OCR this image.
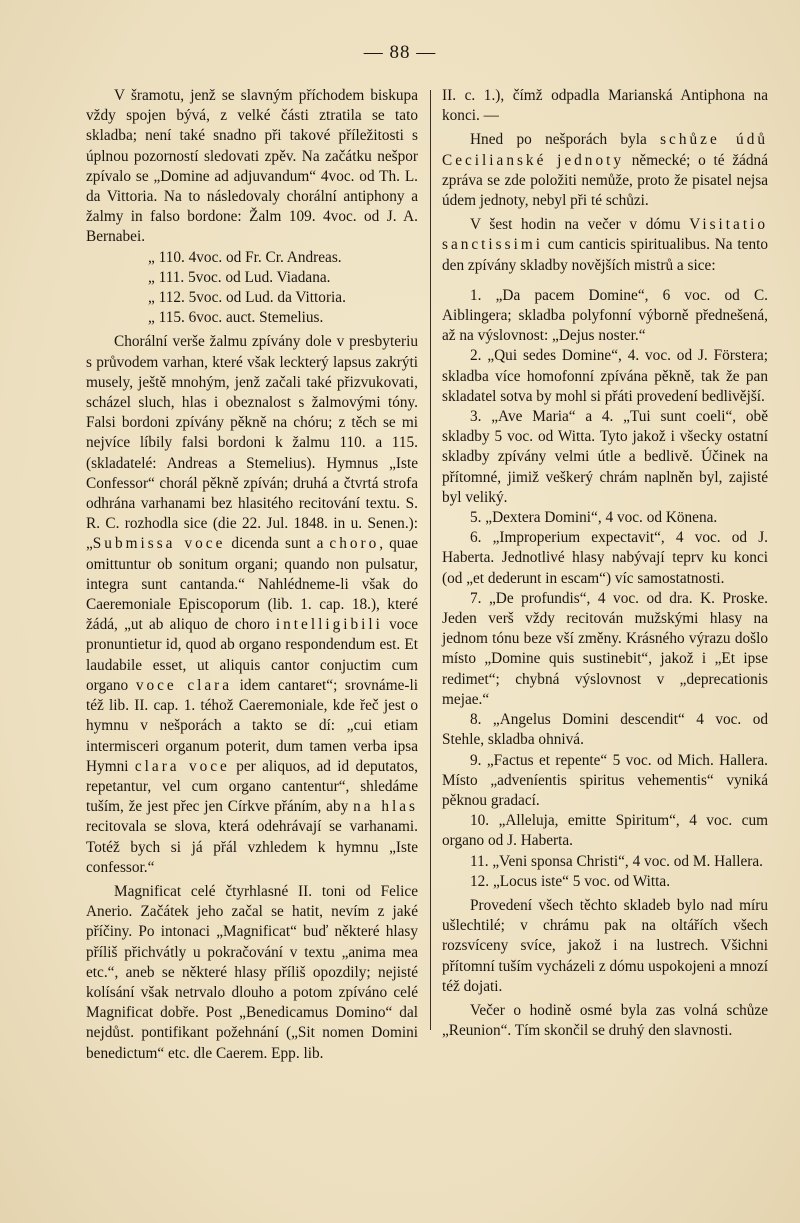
— 88 —

V šramotu, jenž se slavným příchodem biskupa vždy spojen bývá, z velké části ztratila se tato skladba; není také snadno při takové příležitosti s úplnou pozorností sledovati zpěv. Na začátku nešpor zpívalo se „Domine ad adjuvandum“ 4voc. od Th. L. da Vittoria. Na to následovaly chorální antiphony a žalmy in falso bordone: Žalm 109. 4voc. od J. A. Bernabei.

„ 110. 4voc. od Fr. Cr. Andreas.

„ 111. 5voc. od Lud. Viadana.

„ 112. 5voc. od Lud. da Vittoria.

„ 115. 6voc. auct. Stemelius.

Chorální verše žalmu zpívány dole v presbyteriu s průvodem varhan, které však leckterý lapsus zakrýti musely, ještě mnohým, jenž začali také přizvukovati, scházel sluch, hlas i obeznalost s žalmovými tóny. Falsi bordoni zpívány pěkně na chóru; z těch se mi nejvíce líbily falsi bordoni k žalmu 110. a 115. (skladatelé: Andreas a Stemelius). Hymnus „Iste Confessor“ chorál pěkně zpíván; druhá a čtvrtá strofa odhrána varhanami bez hlasitého recitování textu. S. R. C. rozhodla sice (die 22. Jul. 1848. in u. Senen.): „Submissa voce dicenda sunt a choro, quae omittuntur ob sonitum organi; quando non pulsatur, integra sunt cantanda.“ Nahlédneme-li však do Caeremoniale Episcoporum (lib. 1. cap. 18.), které žádá, „ut ab aliquo de choro intelligibili voce pronuntietur id, quod ab organo respondendum est. Et laudabile esset, ut aliquis cantor conjuctim cum organo voce clara idem cantaret“; srovnáme-li též lib. II. cap. 1. téhož Caeremoniale, kde řeč jest o hymnu v nešporách a takto se dí: „cui etiam intermisceri organum poterit, dum tamen verba ipsa Hymni clara voce per aliquos, ad id deputatos, repetantur, vel cum organo cantentur“, shledáme tuším, že jest přec jen Církve přáním, aby na hlas recitovala se slova, která odehrávají se varhanami. Totéž bych si já přál vzhledem k hymnu „Iste confessor.“

Magnificat celé čtyrhlasné II. toni od Felice Anerio. Začátek jeho začal se hatit, nevím z jaké příčiny. Po intonaci „Magnificat“ buď některé hlasy příliš přichvátly u pokračování v textu „anima mea etc.“, aneb se některé hlasy příliš opozdily; nejisté kolísání však netrvalo dlouho a potom zpíváno celé Magnificat dobře. Post „Benedicamus Domino“ dal nejdůst. pontifikant požehnání („Sit nomen Domini benedictum“ etc. dle Caerem. Epp. lib.

II. c. 1.), čímž odpadla Marianská Antiphona na konci. —

Hned po nešporách byla schůze údů Cecilianské jednoty německé; o té žádná zpráva se zde položiti nemůže, proto že pisatel nejsa údem jednoty, nebyl při té schůzi.

V šest hodin na večer v dómu Visitatio sanctissimi cum canticis spiritualibus. Na tento den zpívány skladby novějších mistrů a sice:

1. „Da pacem Domine“, 6 voc. od C. Aiblingera; skladba polyfonní výborně přednešená, až na výslovnost: „Dejus noster.“

2. „Qui sedes Domine“, 4. voc. od J. Förstera; skladba více homofonní zpívána pěkně, tak že pan skladatel sotva by mohl si přáti provedení bedlivější.

3. „Ave Maria“ a 4. „Tui sunt coeli“, obě skladby 5 voc. od Witta. Tyto jakož i všecky ostatní skladby zpívány velmi útle a bedlivě. Účinek na přítomné, jimiž veškerý chrám naplněn byl, zajisté byl veliký.

5. „Dextera Domini“, 4 voc. od Könena.

6. „Improperium expectavit“, 4 voc. od J. Haberta. Jednotlivé hlasy nabývají teprv ku konci (od „et dederunt in escam“) víc samostatnosti.

7. „De profundis“, 4 voc. od dra. K. Proske. Jeden verš vždy recitován mužskými hlasy na jednom tónu beze vší změny. Krásného výrazu došlo místo „Domine quis sustinebit“, jakož i „Et ipse redimet“; chybná výslovnost v „deprecationis mejae.“

8. „Angelus Domini descendit“ 4 voc. od Stehle, skladba ohnivá.

9. „Factus et repente“ 5 voc. od Mich. Hallera. Místo „adveníentis spiritus vehementis“ vyniká pěknou gradací.

10. „Alleluja, emitte Spiritum“, 4 voc. cum organo od J. Haberta.

11. „Veni sponsa Christi“, 4 voc. od M. Hallera.

12. „Locus iste“ 5 voc. od Witta.

Provedení všech těchto skladeb bylo nad míru ušlechtilé; v chrámu pak na oltářích všech rozsvíceny svíce, jakož i na lustrech. Všichni přítomní tuším vycházeli z dómu uspokojeni a mnozí též dojati.

Večer o hodině osmé byla zas volná schůze „Reunion“. Tím skončil se druhý den slavnosti.
